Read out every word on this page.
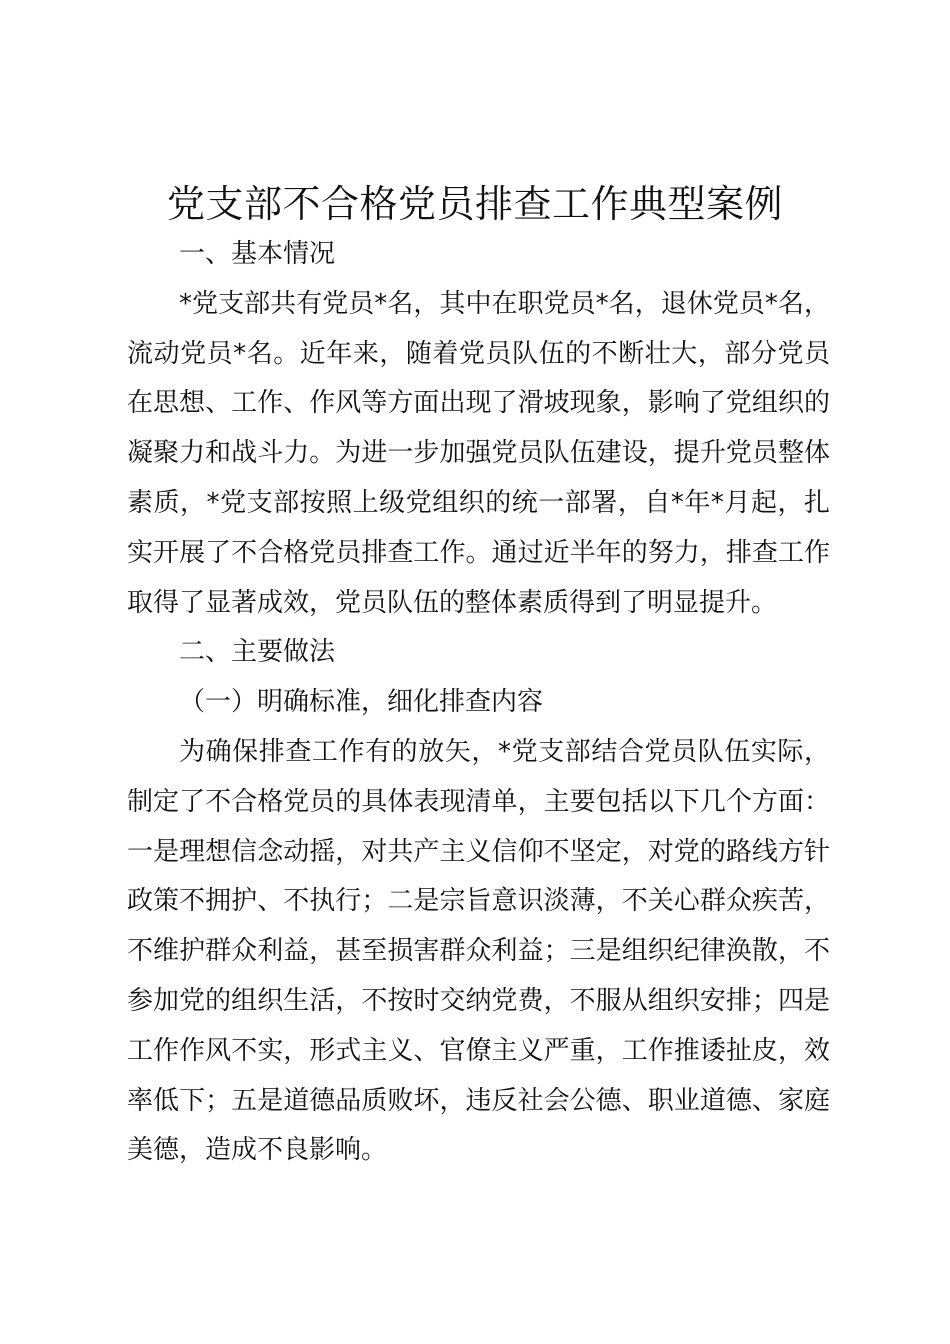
党支部不合格党员排查工作典型案例

一、基本情况

*党支部共有党员*名，其中在职党员*名，退休党员*名，流动党员*名。近年来，随着党员队伍的不断壮大，部分党员在思想、工作、作风等方面出现了滑坡现象，影响了党组织的凝聚力和战斗力。为进一步加强党员队伍建设，提升党员整体素质，*党支部按照上级党组织的统一部署，自*年*月起，扎实开展了不合格党员排查工作。通过近半年的努力，排查工作取得了显著成效，党员队伍的整体素质得到了明显提升。

二、主要做法

（一）明确标准，细化排查内容

为确保排查工作有的放矢，*党支部结合党员队伍实际，制定了不合格党员的具体表现清单，主要包括以下几个方面：一是理想信念动摇，对共产主义信仰不坚定，对党的路线方针政策不拥护、不执行；二是宗旨意识淡薄，不关心群众疾苦，不维护群众利益，甚至损害群众利益；三是组织纪律涣散，不参加党的组织生活，不按时交纳党费，不服从组织安排；四是工作作风不实，形式主义、官僚主义严重，工作推诿扯皮，效率低下；五是道德品质败坏，违反社会公德、职业道德、家庭美德，造成不良影响。
